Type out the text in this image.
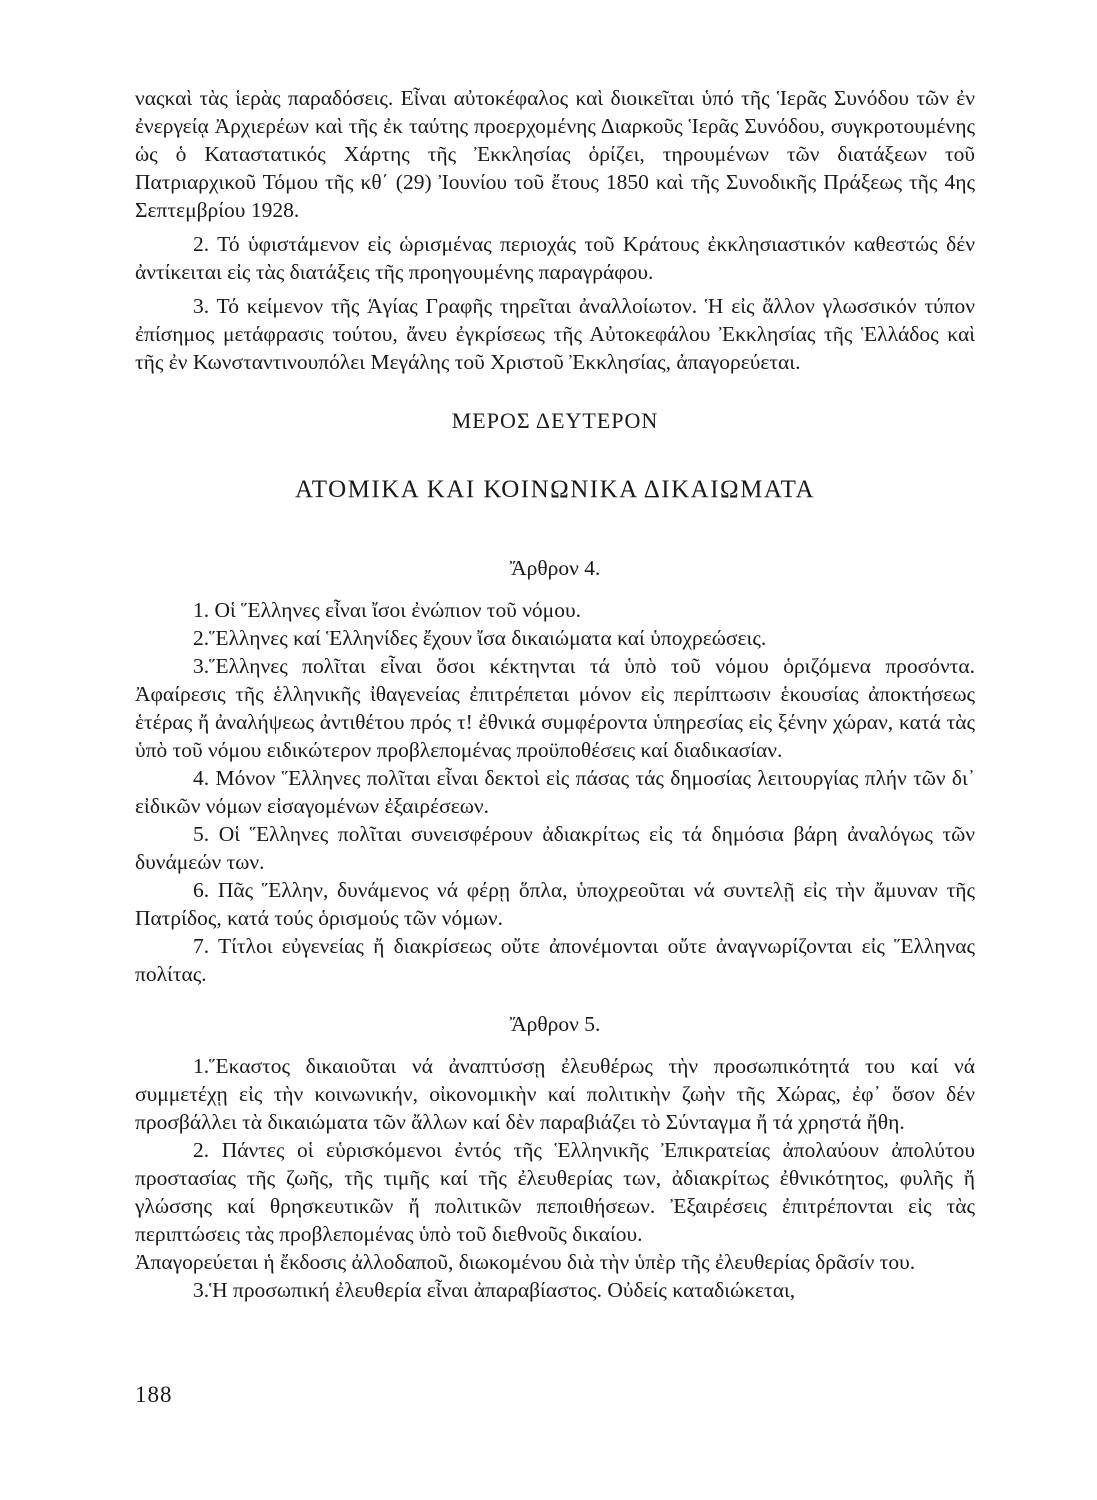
ναςκαὶ τὰς ἱερὰς παραδόσεις. Εἶναι αὐτοκέφαλος καὶ διοικεῖται ὑπό τῆς Ἱερᾶς Συνόδου τῶν ἐν ἐνεργείᾳ Ἀρχιερέων καὶ τῆς ἐκ ταύτης προερχομένης Διαρκοῦς Ἱερᾶς Συνόδου, συγκροτουμένης ὡς ὁ Καταστατικός Χάρτης τῆς Ἐκκλησίας ὁρίζει, τηρουμένων τῶν διατάξεων τοῦ Πατριαρχικοῦ Τόμου τῆς κθ΄ (29) Ἰουνίου τοῦ ἔτους 1850 καὶ τῆς Συνοδικῆς Πράξεως τῆς 4ης Σεπτεμβρίου 1928.

2. Τό ὑφιστάμενον εἰς ὡρισμένας περιοχάς τοῦ Κράτους ἐκκλησιαστικόν καθεστώς δέν ἀντίκειται εἰς τὰς διατάξεις τῆς προηγουμένης παραγράφου.

3. Τό κείμενον τῆς Ἁγίας Γραφῆς τηρεῖται ἀναλλοίωτον. Ἡ εἰς ἄλλον γλωσσικόν τύπον ἐπίσημος μετάφρασις τούτου, ἄνευ ἐγκρίσεως τῆς Αὐτοκεφάλου Ἐκκλησίας τῆς Ἑλλάδος καὶ τῆς ἐν Κωνσταντινουπόλει Μεγάλης τοῦ Χριστοῦ Ἐκκλησίας, ἀπαγορεύεται.

ΜΕΡΟΣ ΔΕΥΤΕΡΟΝ
ΑΤΟΜΙΚΑ ΚΑΙ ΚΟΙΝΩΝΙΚΑ ΔΙΚΑΙΩΜΑΤΑ
Ἄρθρον 4.

1. Οἱ Ἕλληνες εἶναι ἴσοι ἐνώπιον τοῦ νόμου.

2.Ἕλληνες καί Ἑλληνίδες ἔχουν ἴσα δικαιώματα καί ὑποχρεώσεις.

3.Ἕλληνες πολῖται εἶναι ὅσοι κέκτηνται τά ὑπὸ τοῦ νόμου ὁριζόμενα προσόντα. Ἀφαίρεσις τῆς ἑλληνικῆς ἰθαγενείας ἐπιτρέπεται μόνον εἰς περίπτωσιν ἑκουσίας ἀποκτήσεως ἑτέρας ἤ ἀναλήψεως ἀντιθέτου πρός τ! ἐθνικά συμφέροντα ὑπηρεσίας εἰς ξένην χώραν, κατά τὰς ὑπὸ τοῦ νόμου ειδικώτερον προβλεπομένας προϋποθέσεις καί διαδικασίαν.

4. Μόνον Ἕλληνες πολῖται εἶναι δεκτοὶ εἰς πάσας τάς δημοσίας λειτουργίας πλήν τῶν δι᾿ εἰδικῶν νόμων εἰσαγομένων ἐξαιρέσεων.

5. Οἱ Ἕλληνες πολῖται συνεισφέρουν ἀδιακρίτως εἰς τά δημόσια βάρη ἀναλόγως τῶν δυνάμεών των.

6. Πᾶς Ἕλλην, δυνάμενος νά φέρῃ ὅπλα, ὑποχρεοῦται νά συντελῇ εἰς τὴν ἄμυναν τῆς Πατρίδος, κατά τούς ὁρισμούς τῶν νόμων.

7. Τίτλοι εὐγενείας ἤ διακρίσεως οὔτε ἀπονέμονται οὔτε ἀναγνωρίζονται εἰς Ἕλληνας πολίτας.

Ἄρθρον 5.

1.Ἕκαστος δικαιοῦται νά ἀναπτύσσῃ ἐλευθέρως τὴν προσωπικότητά του καί νά συμμετέχῃ εἰς τὴν κοινωνικήν, οἰκονομικὴν καί πολιτικὴν ζωὴν τῆς Χώρας, ἐφ᾿ ὅσον δέν προσβάλλει τὰ δικαιώματα τῶν ἄλλων καί δὲν παραβιάζει τὸ Σύνταγμα ἤ τά χρηστά ἤθη.

2. Πάντες οἱ εὑρισκόμενοι ἐντός τῆς Ἑλληνικῆς Ἐπικρατείας ἀπολαύουν ἀπολύτου προστασίας τῆς ζωῆς, τῆς τιμῆς καί τῆς ἐλευθερίας των, ἀδιακρίτως ἐθνικότητος, φυλῆς ἤ γλώσσης καί θρησκευτικῶν ἤ πολιτικῶν πεποιθήσεων. Ἐξαιρέσεις ἐπιτρέπονται εἰς τὰς περιπτώσεις τὰς προβλεπομένας ὑπὸ τοῦ διεθνοῦς δικαίου.

Ἀπαγορεύεται ἡ ἔκδοσις ἀλλοδαποῦ, διωκομένου διὰ τὴν ὑπὲρ τῆς ἐλευθερίας δρᾶσίν του.

3.Ἡ προσωπική ἐλευθερία εἶναι ἀπαραβίαστος. Οὐδείς καταδιώκεται,

188
